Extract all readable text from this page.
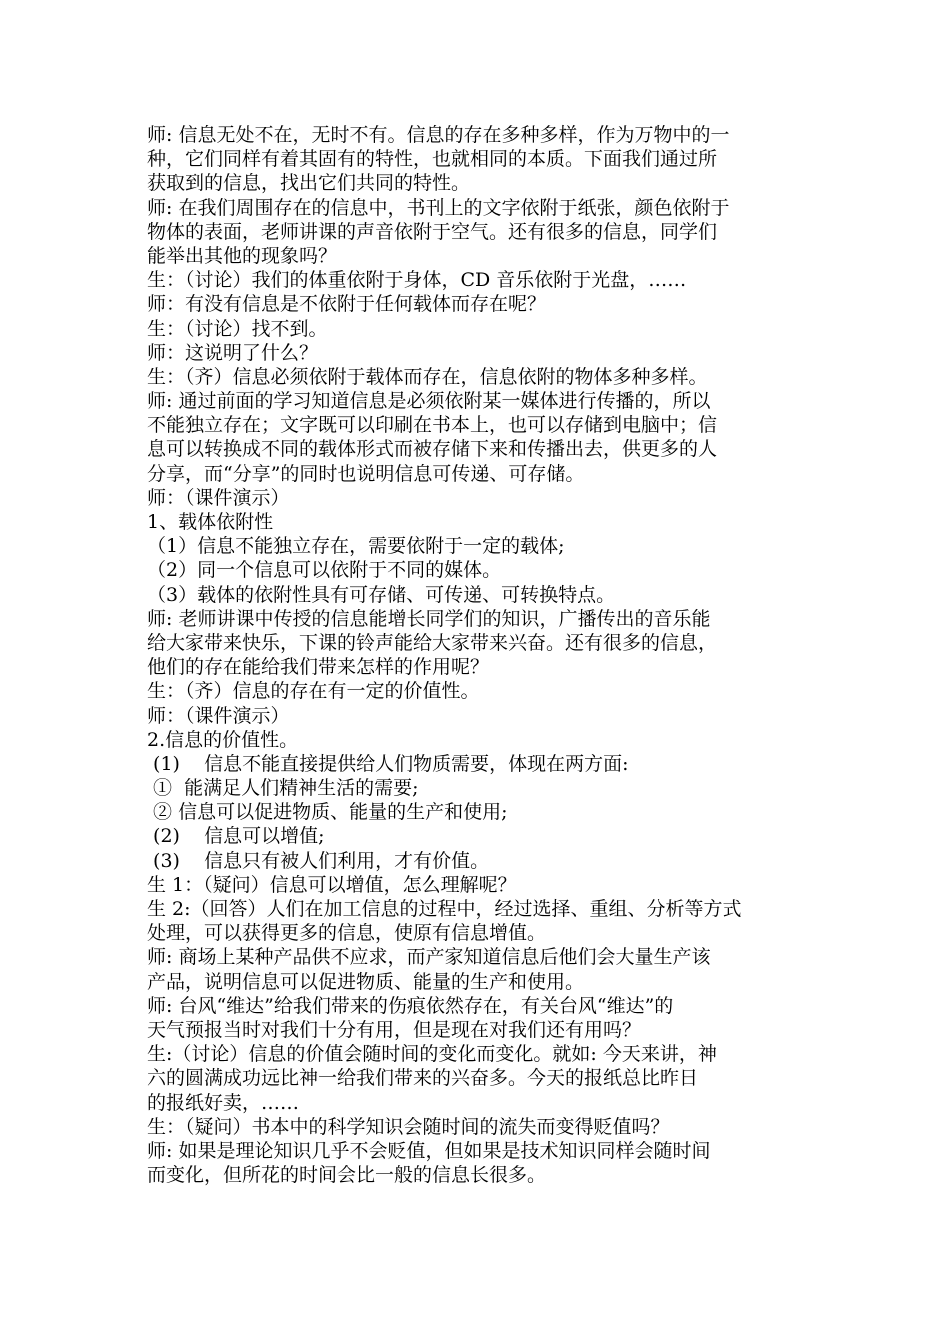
师: 信息无处不在，无时不有。信息的存在多种多样，作为万物中的一
种，它们同样有着其固有的特性，也就相同的本质。下面我们通过所
获取到的信息，找出它们共同的特性。
师: 在我们周围存在的信息中，书刊上的文字依附于纸张，颜色依附于
物体的表面，老师讲课的声音依附于空气。还有很多的信息，同学们
能举出其他的现象吗？
生：（讨论）我们的体重依附于身体，CD 音乐依附于光盘，……
师：有没有信息是不依附于任何载体而存在呢？
生：（讨论）找不到。
师：这说明了什么？
生：（齐）信息必须依附于载体而存在，信息依附的物体多种多样。
师: 通过前面的学习知道信息是必须依附某一媒体进行传播的，所以
不能独立存在；文字既可以印刷在书本上，也可以存储到电脑中；信
息可以转换成不同的载体形式而被存储下来和传播出去，供更多的人
分享，而“分享”的同时也说明信息可传递、可存储。
师：（课件演示）
1、载体依附性
（1）信息不能独立存在，需要依附于一定的载体;
（2）同一个信息可以依附于不同的媒体。
（3）载体的依附性具有可存储、可传递、可转换特点。
师: 老师讲课中传授的信息能增长同学们的知识，广播传出的音乐能
给大家带来快乐，下课的铃声能给大家带来兴奋。还有很多的信息，
他们的存在能给我们带来怎样的作用呢？
生：（齐）信息的存在有一定的价值性。
师：（课件演示）
2.信息的价值性。
(1)    信息不能直接提供给人们物质需要，体现在两方面:
①  能满足人们精神生活的需要;
② 信息可以促进物质、能量的生产和使用;
(2)    信息可以增值;
(3)    信息只有被人们利用，才有价值。
生 1：（疑问）信息可以增值，怎么理解呢？
生 2:（回答）人们在加工信息的过程中，经过选择、重组、分析等方式
处理，可以获得更多的信息，使原有信息增值。
师: 商场上某种产品供不应求，而产家知道信息后他们会大量生产该
产品，说明信息可以促进物质、能量的生产和使用。
师: 台风“维达”给我们带来的伤痕依然存在，有关台风“维达”的
天气预报当时对我们十分有用，但是现在对我们还有用吗？
生:（讨论）信息的价值会随时间的变化而变化。就如: 今天来讲，神
六的圆满成功远比神一给我们带来的兴奋多。今天的报纸总比昨日
的报纸好卖，……
生：（疑问）书本中的科学知识会随时间的流失而变得贬值吗？
师: 如果是理论知识几乎不会贬值，但如果是技术知识同样会随时间
而变化，但所花的时间会比一般的信息长很多。
